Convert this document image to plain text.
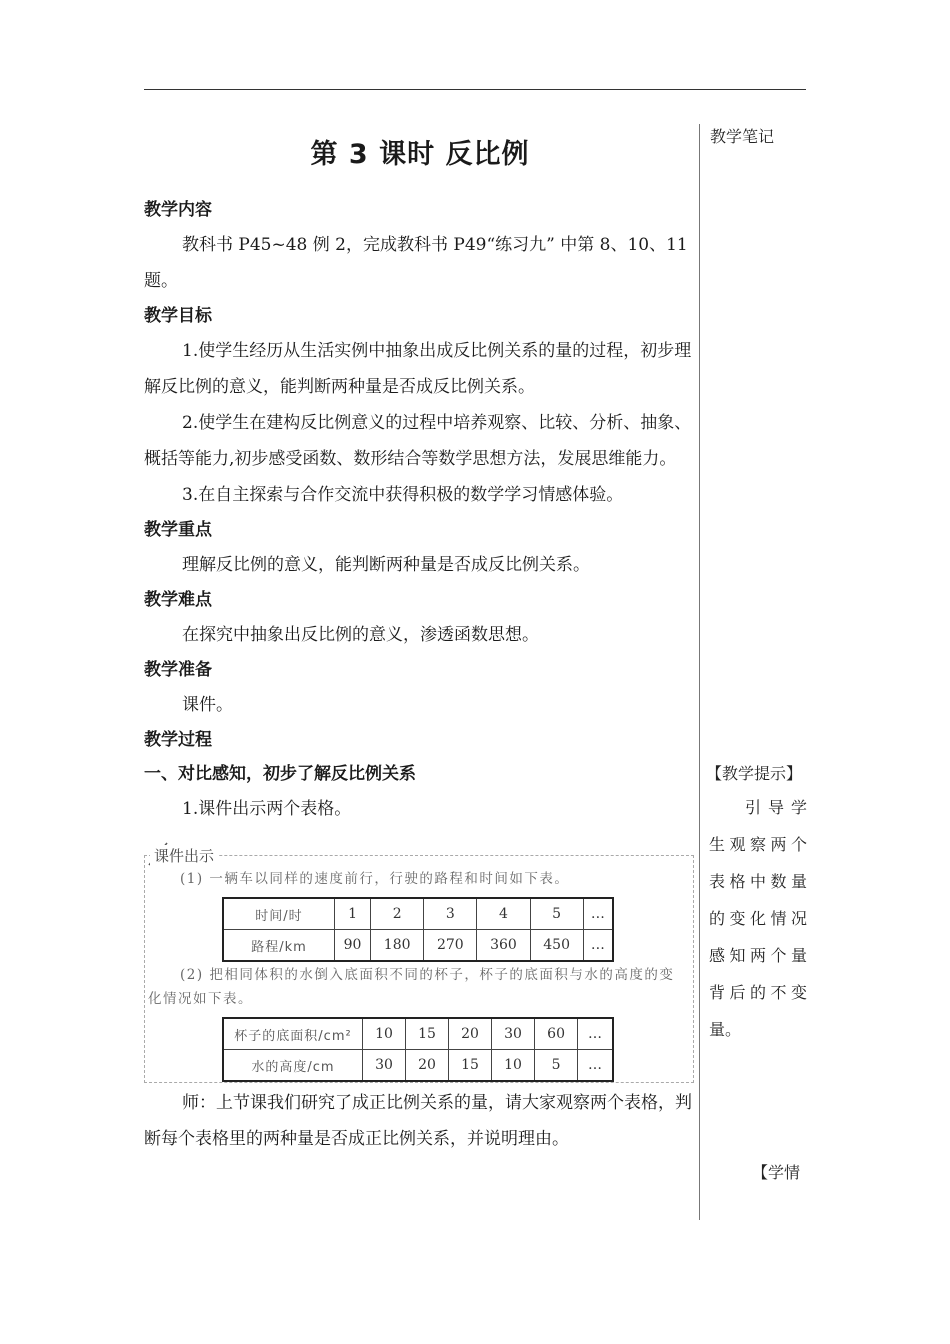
第 3 课时 反比例
教学内容

教科书 P45~48 例 2，完成教科书 P49“练习九” 中第 8、10、11 题。

教学目标

1.使学生经历从生活实例中抽象出成反比例关系的量的过程，初步理解反比例的意义，能判断两种量是否成反比例关系。

2.使学生在建构反比例意义的过程中培养观察、比较、分析、抽象、概括等能力,初步感受函数、数形结合等数学思想方法，发展思维能力。

3.在自主探索与合作交流中获得积极的数学学习情感体验。

教学重点

理解反比例的意义，能判断两种量是否成反比例关系。

教学难点

在探究中抽象出反比例的意义，渗透函数思想。

教学准备

课件。

教学过程
一、对比感知，初步了解反比例关系

1.课件出示两个表格。

课件出示
(1) 一辆车以同样的速度前行，行驶的路程和时间如下表。
时间/时	1	2	3	4	5	…
路程/km	90	180	270	360	450	…
(2) 把相同体积的水倒入底面积不同的杯子，杯子的底面积与水的高度的变化情况如下表。
杯子的底面积/cm²	10	15	20	30	60	…
水的高度/cm	30	20	15	10	5	…

师：上节课我们研究了成正比例关系的量，请大家观察两个表格，判断每个表格里的两种量是否成正比例关系，并说明理由。

教学笔记
【教学提示】
引导学
生观察两个
表格中数量
的变化情况
感知两个量
背后的不变
量。
【学情
